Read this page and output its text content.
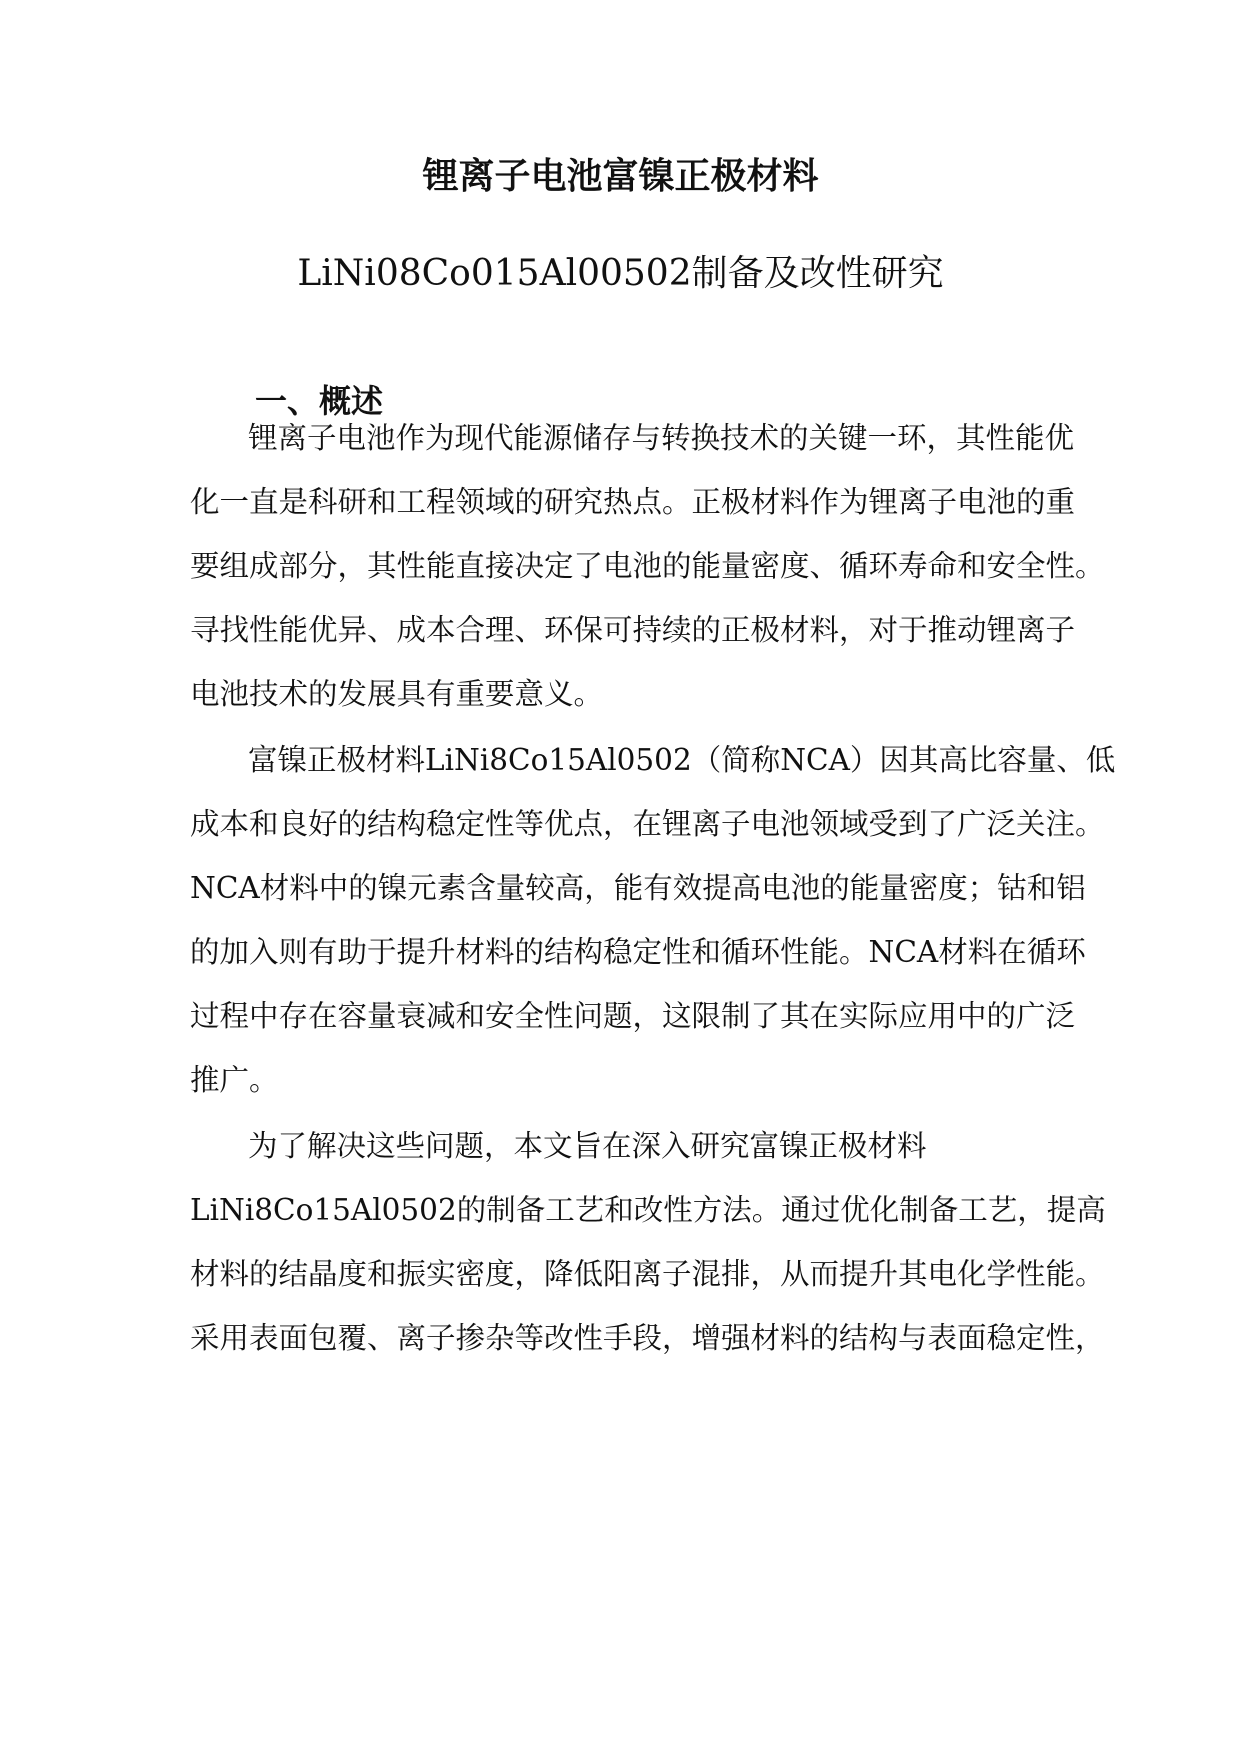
锂离子电池富镍正极材料
LiNi08Co015Al00502制备及改性研究
一、概述
锂离子电池作为现代能源储存与转换技术的关键一环，其性能优
化一直是科研和工程领域的研究热点。正极材料作为锂离子电池的重
要组成部分，其性能直接决定了电池的能量密度、循环寿命和安全性。
寻找性能优异、成本合理、环保可持续的正极材料，对于推动锂离子
电池技术的发展具有重要意义。
富镍正极材料LiNi8Co15Al0502（简称NCA）因其高比容量、低
成本和良好的结构稳定性等优点，在锂离子电池领域受到了广泛关注。
NCA材料中的镍元素含量较高，能有效提高电池的能量密度；钴和铝
的加入则有助于提升材料的结构稳定性和循环性能。NCA材料在循环
过程中存在容量衰减和安全性问题，这限制了其在实际应用中的广泛
推广。
为了解决这些问题，本文旨在深入研究富镍正极材料
LiNi8Co15Al0502的制备工艺和改性方法。通过优化制备工艺，提高
材料的结晶度和振实密度，降低阳离子混排，从而提升其电化学性能。
采用表面包覆、离子掺杂等改性手段，增强材料的结构与表面稳定性，
